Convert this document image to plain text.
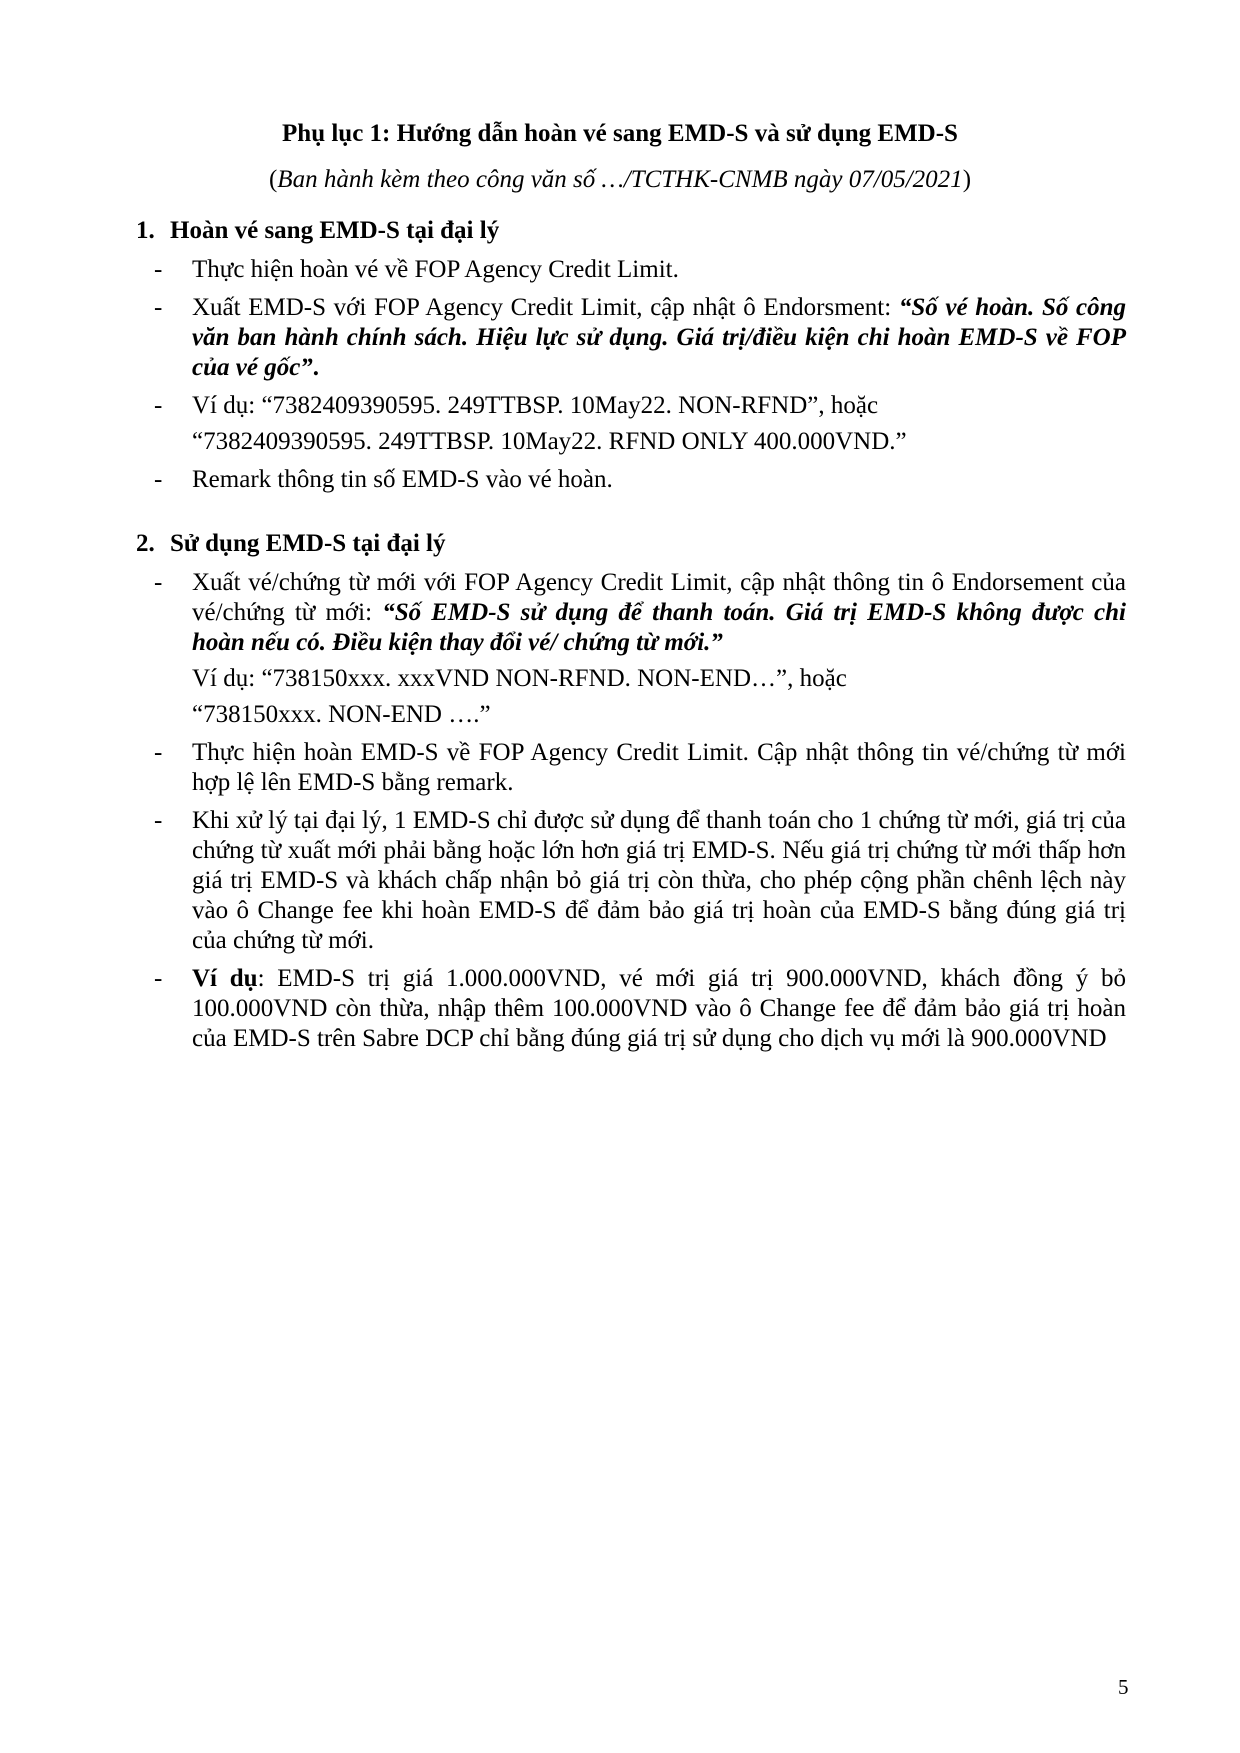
Phụ lục 1: Hướng dẫn hoàn vé sang EMD-S và sử dụng EMD-S

(Ban hành kèm theo công văn số …/TCTHK-CNMB ngày 07/05/2021)

1. Hoàn vé sang EMD-S tại đại lý
- Thực hiện hoàn vé về FOP Agency Credit Limit.
- Xuất EMD-S với FOP Agency Credit Limit, cập nhật ô Endorsment: “Số vé hoàn. Số công văn ban hành chính sách. Hiệu lực sử dụng. Giá trị/điều kiện chi hoàn EMD-S về FOP của vé gốc”.
- Ví dụ: “7382409390595. 249TTBSP. 10May22. NON-RFND”, hoặc
“7382409390595. 249TTBSP. 10May22. RFND ONLY 400.000VND.”
- Remark thông tin số EMD-S vào vé hoàn.
2. Sử dụng EMD-S tại đại lý
- Xuất vé/chứng từ mới với FOP Agency Credit Limit, cập nhật thông tin ô Endorsement của vé/chứng từ mới: “Số EMD-S sử dụng để thanh toán. Giá trị EMD-S không được chi hoàn nếu có. Điều kiện thay đổi vé/ chứng từ mới.”
Ví dụ: “738150xxx. xxxVND NON-RFND. NON-END…”, hoặc
“738150xxx. NON-END ….”
- Thực hiện hoàn EMD-S về FOP Agency Credit Limit. Cập nhật thông tin vé/chứng từ mới hợp lệ lên EMD-S bằng remark.
- Khi xử lý tại đại lý, 1 EMD-S chỉ được sử dụng để thanh toán cho 1 chứng từ mới, giá trị của chứng từ xuất mới phải bằng hoặc lớn hơn giá trị EMD-S. Nếu giá trị chứng từ mới thấp hơn giá trị EMD-S và khách chấp nhận bỏ giá trị còn thừa, cho phép cộng phần chênh lệch này vào ô Change fee khi hoàn EMD-S để đảm bảo giá trị hoàn của EMD-S bằng đúng giá trị của chứng từ mới.
- Ví dụ: EMD-S trị giá 1.000.000VND, vé mới giá trị 900.000VND, khách đồng ý bỏ 100.000VND còn thừa, nhập thêm 100.000VND vào ô Change fee để đảm bảo giá trị hoàn của EMD-S trên Sabre DCP chỉ bằng đúng giá trị sử dụng cho dịch vụ mới là 900.000VND
5
